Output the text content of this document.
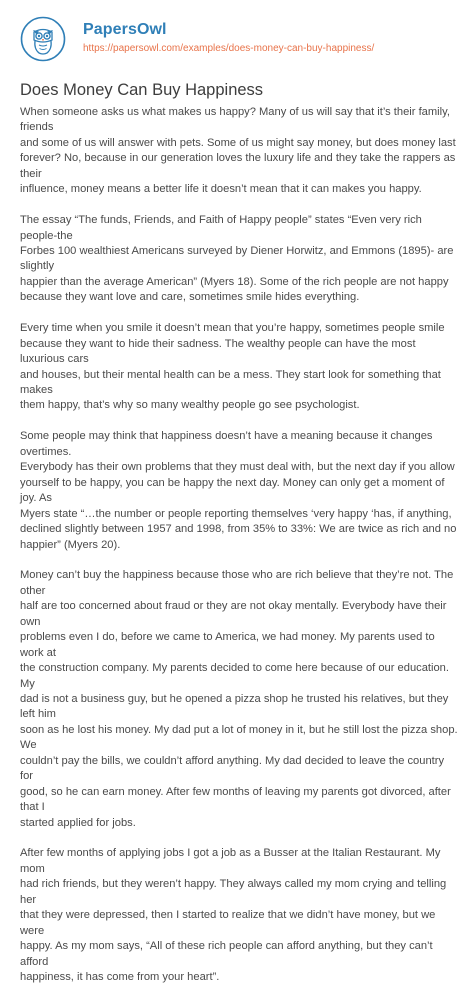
PapersOwl
https://papersowl.com/examples/does-money-can-buy-happiness/
Does Money Can Buy Happiness

When someone asks us what makes us happy? Many of us will say that it’s their family, friends
and some of us will answer with pets. Some of us might say money, but does money last
forever? No, because in our generation loves the luxury life and they take the rappers as their
influence, money means a better life it doesn’t mean that it can makes you happy.

The essay “The funds, Friends, and Faith of Happy people” states “Even very rich people-the
Forbes 100 wealthiest Americans surveyed by Diener Horwitz, and Emmons (1895)- are slightly
happier than the average American” (Myers 18). Some of the rich people are not happy
because they want love and care, sometimes smile hides everything.

Every time when you smile it doesn’t mean that you’re happy, sometimes people smile
because they want to hide their sadness. The wealthy people can have the most luxurious cars
and houses, but their mental health can be a mess. They start look for something that makes
them happy, that’s why so many wealthy people go see psychologist.

Some people may think that happiness doesn’t have a meaning because it changes overtimes.
Everybody has their own problems that they must deal with, but the next day if you allow
yourself to be happy, you can be happy the next day. Money can only get a moment of joy. As
Myers state “…the number or people reporting themselves ‘very happy ‘has, if anything,
declined slightly between 1957 and 1998, from 35% to 33%: We are twice as rich and no
happier” (Myers 20).

Money can’t buy the happiness because those who are rich believe that they’re not. The other
half are too concerned about fraud or they are not okay mentally. Everybody have their own
problems even I do, before we came to America, we had money. My parents used to work at
the construction company. My parents decided to come here because of our education. My
dad is not a business guy, but he opened a pizza shop he trusted his relatives, but they left him
soon as he lost his money. My dad put a lot of money in it, but he still lost the pizza shop. We
couldn’t pay the bills, we couldn’t afford anything. My dad decided to leave the country for
good, so he can earn money. After few months of leaving my parents got divorced, after that I
started applied for jobs.

After few months of applying jobs I got a job as a Busser at the Italian Restaurant. My mom
had rich friends, but they weren’t happy. They always called my mom crying and telling her
that they were depressed, then I started to realize that we didn’t have money, but we were
happy. As my mom says, “All of these rich people can afford anything, but they can’t afford
happiness, it has come from your heart”.
